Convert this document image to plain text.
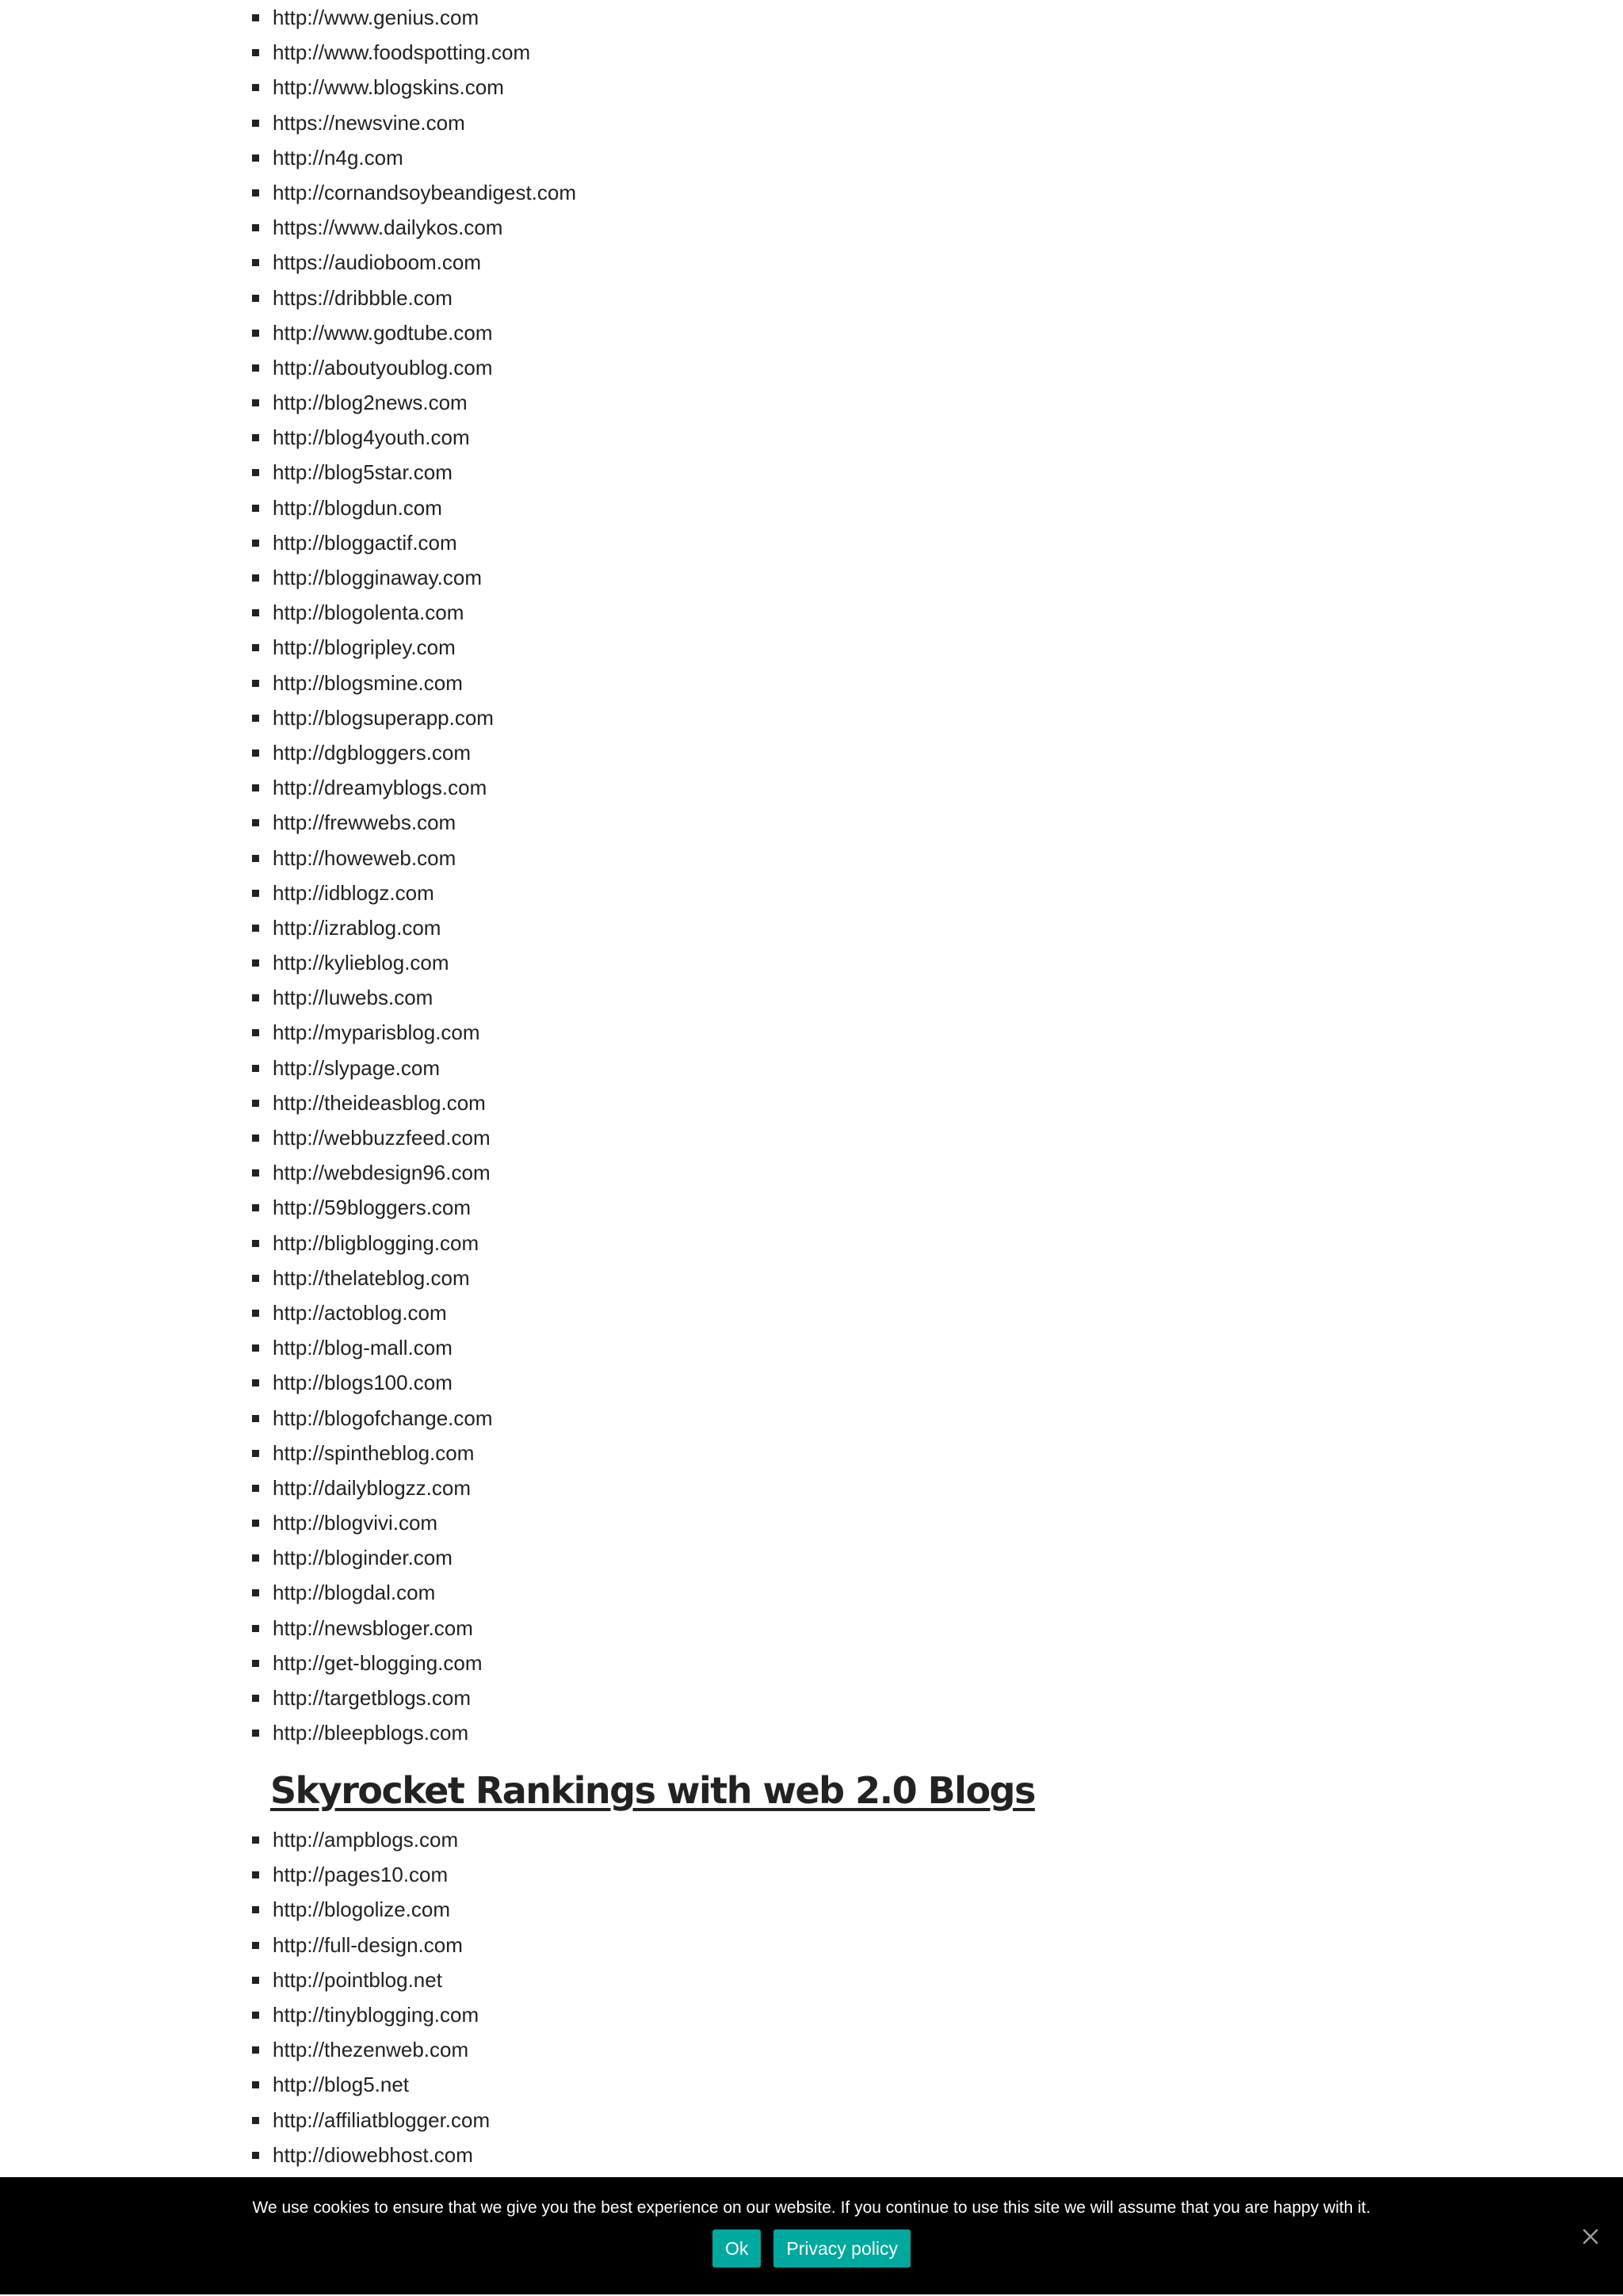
http://www.genius.com
http://www.foodspotting.com
http://www.blogskins.com
https://newsvine.com
http://n4g.com
http://cornandsoybeandigest.com
https://www.dailykos.com
https://audioboom.com
https://dribbble.com
http://www.godtube.com
http://aboutyoublog.com
http://blog2news.com
http://blog4youth.com
http://blog5star.com
http://blogdun.com
http://bloggactif.com
http://blogginaway.com
http://blogolenta.com
http://blogripley.com
http://blogsmine.com
http://blogsuperapp.com
http://dgbloggers.com
http://dreamyblogs.com
http://frewwebs.com
http://howeweb.com
http://idblogz.com
http://izrablog.com
http://kylieblog.com
http://luwebs.com
http://myparisblog.com
http://slypage.com
http://theideasblog.com
http://webbuzzfeed.com
http://webdesign96.com
http://59bloggers.com
http://bligblogging.com
http://thelateblog.com
http://actoblog.com
http://blog-mall.com
http://blogs100.com
http://blogofchange.com
http://spintheblog.com
http://dailyblogzz.com
http://blogvivi.com
http://bloginder.com
http://blogdal.com
http://newsbloger.com
http://get-blogging.com
http://targetblogs.com
http://bleepblogs.com
Skyrocket Rankings with web 2.0 Blogs
http://ampblogs.com
http://pages10.com
http://blogolize.com
http://full-design.com
http://pointblog.net
http://tinyblogging.com
http://thezenweb.com
http://blog5.net
http://affiliatblogger.com
http://diowebhost.com
We use cookies to ensure that we give you the best experience on our website. If you continue to use this site we will assume that you are happy with it.
Ok Privacy policy
